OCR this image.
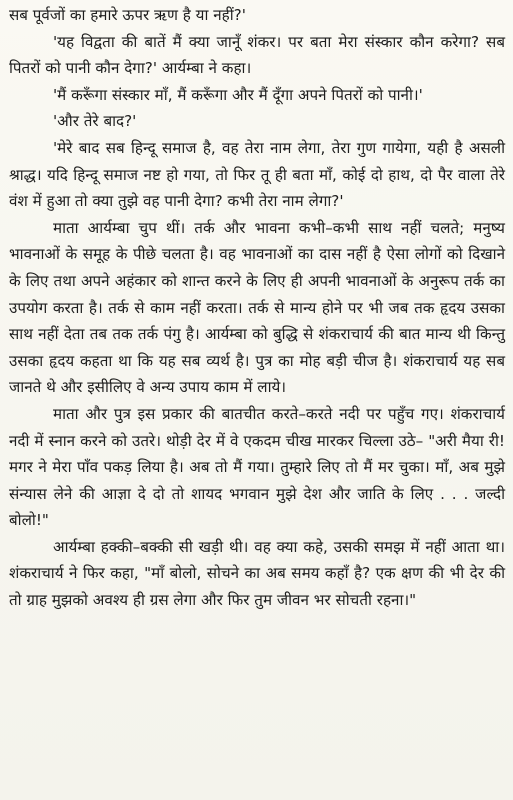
सब पूर्वजों का हमारे ऊपर ऋण है या नहीं?'

'यह विद्वता की बातें मैं क्या जानूँ शंकर। पर बता मेरा संस्कार कौन करेगा? सब पितरों को पानी कौन देगा?' आर्यम्बा ने कहा।

'मैं करूँगा संस्कार माँ, मैं करूँगा और मैं दूँगा अपने पितरों को पानी।'

'और तेरे बाद?'

'मेरे बाद सब हिन्दू समाज है, वह तेरा नाम लेगा, तेरा गुण गायेगा, यही है असली श्राद्ध। यदि हिन्दू समाज नष्ट हो गया, तो फिर तू ही बता माँ, कोई दो हाथ, दो पैर वाला तेरे वंश में हुआ तो क्या तुझे वह पानी देगा? कभी तेरा नाम लेगा?'

माता आर्यम्बा चुप थीं। तर्क और भावना कभी–कभी साथ नहीं चलते; मनुष्य भावनाओं के समूह के पीछे चलता है। वह भावनाओं का दास नहीं है ऐसा लोगों को दिखाने के लिए तथा अपने अहंकार को शान्त करने के लिए ही अपनी भावनाओं के अनुरूप तर्क का उपयोग करता है। तर्क से काम नहीं करता। तर्क से मान्य होने पर भी जब तक हृदय उसका साथ नहीं देता तब तक तर्क पंगु है। आर्यम्बा को बुद्धि से शंकराचार्य की बात मान्य थी किन्तु उसका हृदय कहता था कि यह सब व्यर्थ है। पुत्र का मोह बड़ी चीज है। शंकराचार्य यह सब जानते थे और इसीलिए वे अन्य उपाय काम में लाये।

माता और पुत्र इस प्रकार की बातचीत करते–करते नदी पर पहुँच गए। शंकराचार्य नदी में स्नान करने को उतरे। थोड़ी देर में वे एकदम चीख मारकर चिल्ला उठे– "अरी मैया री! मगर ने मेरा पाँव पकड़ लिया है। अब तो मैं गया। तुम्हारे लिए तो मैं मर चुका। माँ, अब मुझे संन्यास लेने की आज्ञा दे दो तो शायद भगवान मुझे देश और जाति के लिए . . . जल्दी बोलो!"

आर्यम्बा हक्की–बक्की सी खड़ी थी। वह क्या कहे, उसकी समझ में नहीं आता था। शंकराचार्य ने फिर कहा, "माँ बोलो, सोचने का अब समय कहाँ है? एक क्षण की भी देर की तो ग्राह मुझको अवश्य ही ग्रस लेगा और फिर तुम जीवन भर सोचती रहना।"
